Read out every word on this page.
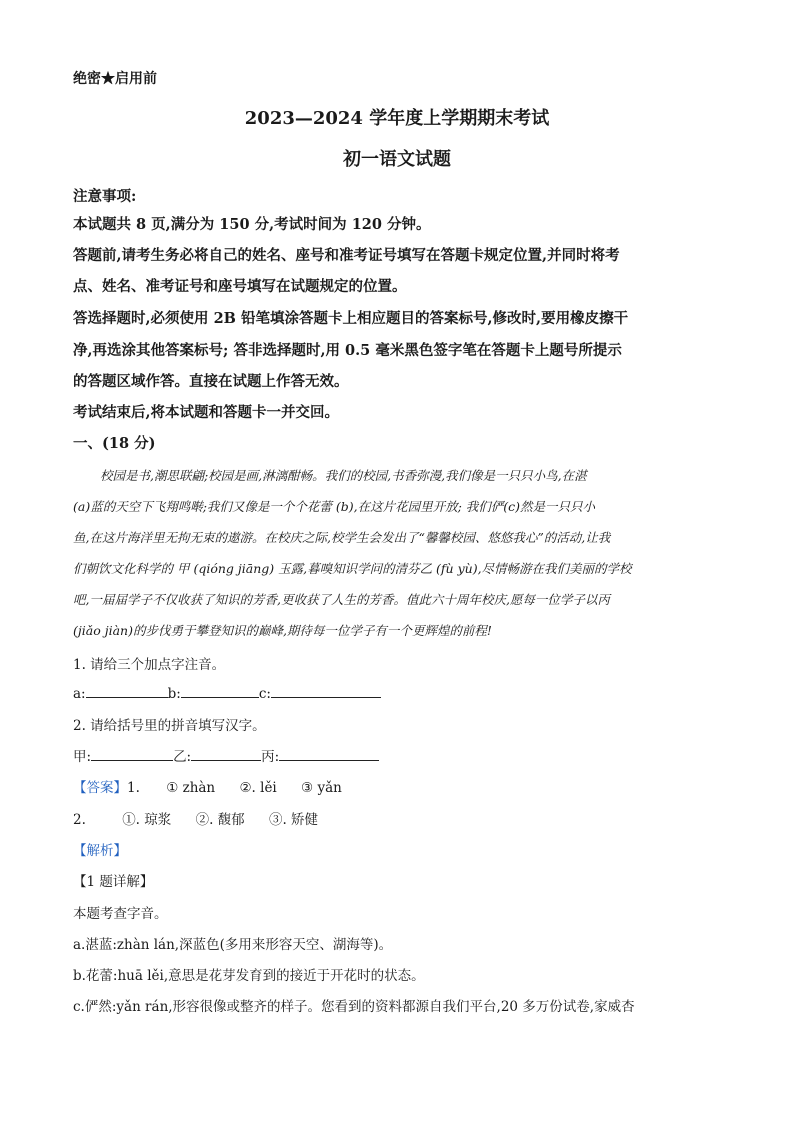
绝密★启用前
2023—2024 学年度上学期期末考试
初一语文试题
注意事项:
本试题共 8 页,满分为 150 分,考试时间为 120 分钟。
答题前,请考生务必将自己的姓名、座号和准考证号填写在答题卡规定位置,并同时将考
点、姓名、准考证号和座号填写在试题规定的位置。
答选择题时,必须使用 2B 铅笔填涂答题卡上相应题目的答案标号,修改时,要用橡皮擦干
净,再选涂其他答案标号; 答非选择题时,用 0.5 毫米黑色签字笔在答题卡上题号所提示
的答题区域作答。直接在试题上作答无效。
考试结束后,将本试题和答题卡一并交回。
一、(18 分)
校园是书,潮思联翩;校园是画,淋漓酣畅。我们的校园,书香弥漫,我们像是一只只小鸟,在湛
(a)蓝的天空下飞翔鸣啭;我们又像是一个个花蕾 (b),在这片花园里开放; 我们俨(c)然是一只只小
鱼,在这片海洋里无拘无束的遨游。在校庆之际,校学生会发出了“馨馨校园、悠悠我心”的活动,让我
们朝饮文化科学的 甲 (qióng jiāng) 玉露,暮嗅知识学问的清芬乙 (fù yù),尽情畅游在我们美丽的学校
吧,一届届学子不仅收获了知识的芳香,更收获了人生的芳香。值此六十周年校庆,愿每一位学子以丙
(jiǎo jiàn)的步伐勇于攀登知识的巅峰,期待每一位学子有一个更辉煌的前程!
1. 请给三个加点字注音。
a:	b:	c:
2. 请给括号里的拼音填写汉字。
甲:	乙:	丙:
【答案】1. ① zhàn ②. lěi ③ yǎn
2.	①. 琼浆 ②. 馥郁 ③. 矫健
【解析】
【1 题详解】
本题考查字音。
a.湛蓝:zhàn lán,深蓝色(多用来形容天空、湖海等)。
b.花蕾:huā lěi,意思是花芽发育到的接近于开花时的状态。
c.俨然:yǎn rán,形容很像或整齐的样子。您看到的资料都源自我们平台,20 多万份试卷,家威杏
